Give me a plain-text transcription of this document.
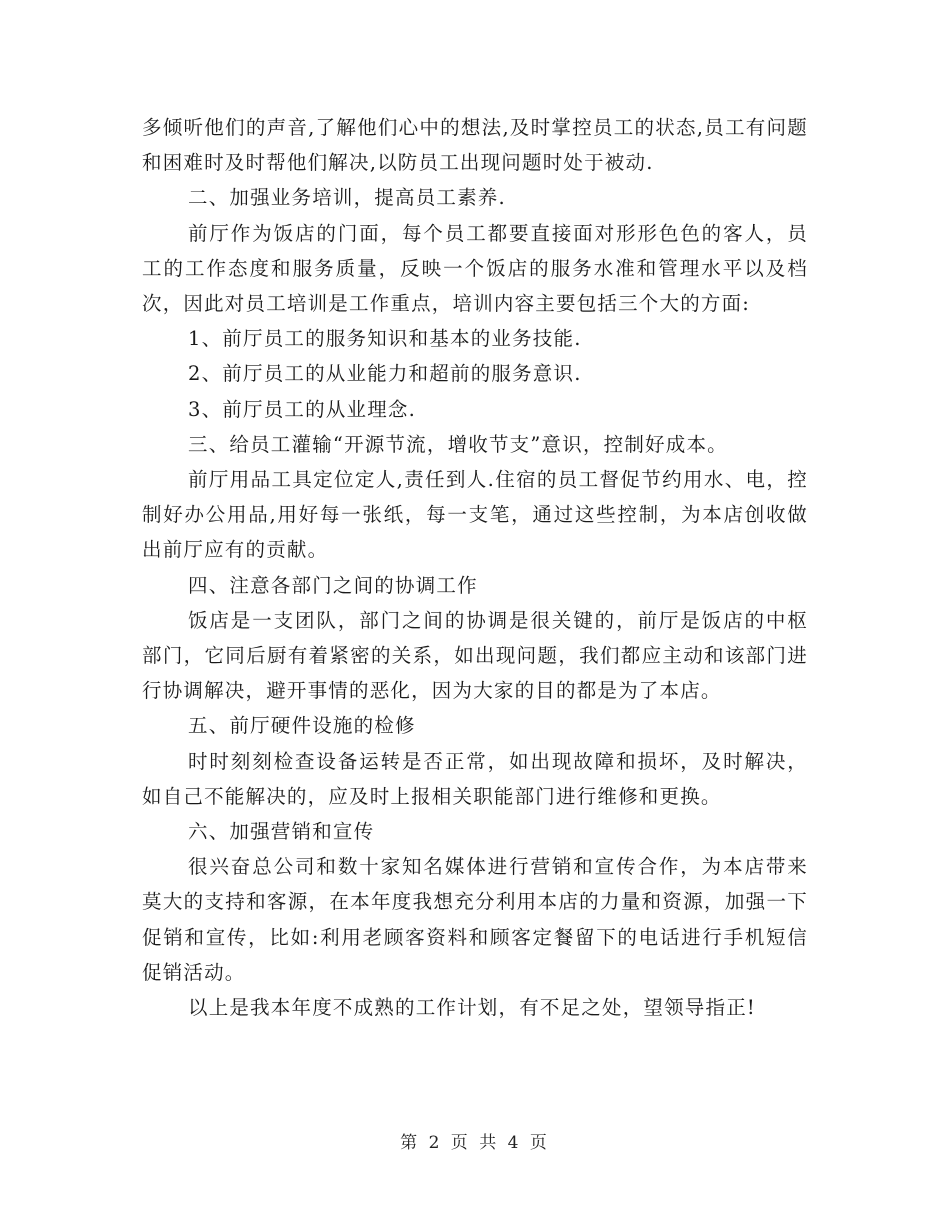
多倾听他们的声音,了解他们心中的想法,及时掌控员工的状态,员工有问题和困难时及时帮他们解决,以防员工出现问题时处于被动.

二、加强业务培训，提高员工素养.

前厅作为饭店的门面，每个员工都要直接面对形形色色的客人，员工的工作态度和服务质量，反映一个饭店的服务水准和管理水平以及档次，因此对员工培训是工作重点，培训内容主要包括三个大的方面:

1、前厅员工的服务知识和基本的业务技能.

2、前厅员工的从业能力和超前的服务意识.

3、前厅员工的从业理念.

三、给员工灌输“开源节流，增收节支”意识，控制好成本。

前厅用品工具定位定人,责任到人.住宿的员工督促节约用水、电，控制好办公用品,用好每一张纸，每一支笔，通过这些控制，为本店创收做出前厅应有的贡献。

四、注意各部门之间的协调工作

饭店是一支团队，部门之间的协调是很关键的，前厅是饭店的中枢部门，它同后厨有着紧密的关系，如出现问题，我们都应主动和该部门进行协调解决，避开事情的恶化，因为大家的目的都是为了本店。

五、前厅硬件设施的检修

时时刻刻检查设备运转是否正常，如出现故障和损坏，及时解决，如自己不能解决的，应及时上报相关职能部门进行维修和更换。

六、加强营销和宣传

很兴奋总公司和数十家知名媒体进行营销和宣传合作，为本店带来莫大的支持和客源，在本年度我想充分利用本店的力量和资源，加强一下促销和宣传，比如:利用老顾客资料和顾客定餐留下的电话进行手机短信促销活动。

以上是我本年度不成熟的工作计划，有不足之处，望领导指正!

第 2 页 共 4 页
